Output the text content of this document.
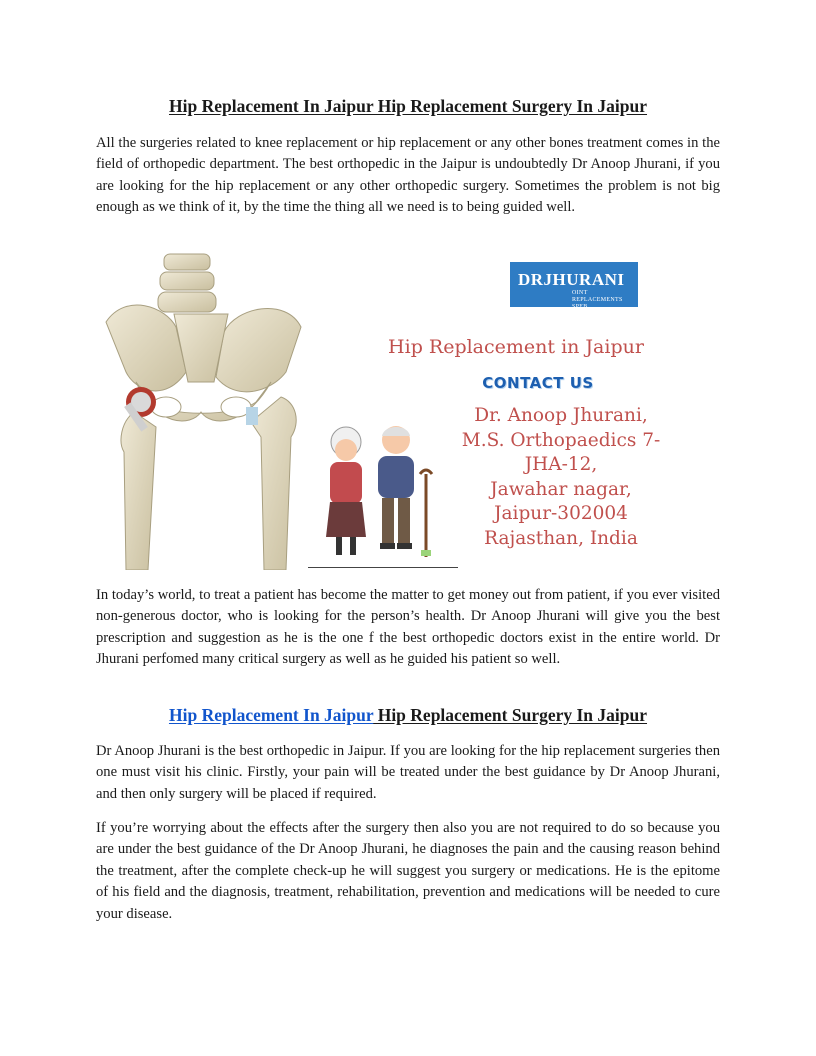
Hip Replacement In Jaipur Hip Replacement Surgery In Jaipur

All the surgeries related to knee replacement or hip replacement or any other bones treatment comes in the field of orthopedic department. The best orthopedic in the Jaipur is undoubtedly Dr Anoop Jhurani, if you are looking for the hip replacement or any other orthopedic surgery. Sometimes the problem is not big enough as we think of it, by the time the thing all we need is to being guided well.

DRJHURANI
OINT REPLACEMENTS
SPEB
Hip Replacement in Jaipur
CONTACT US
Dr. Anoop Jhurani,
M.S. Orthopaedics 7-
JHA-12,
Jawahar nagar,
Jaipur-302004
Rajasthan, India

In today’s world, to treat a patient has become the matter to get money out from patient, if you ever visited non-generous doctor, who is looking for the person’s health. Dr Anoop Jhurani will give you the best prescription and suggestion as he is the one f the best orthopedic doctors exist in the entire world. Dr Jhurani perfomed many critical surgery as well as he guided his patient so well.

Hip Replacement In Jaipur Hip Replacement Surgery In Jaipur

Dr Anoop Jhurani is the best orthopedic in Jaipur. If you are looking for the hip replacement surgeries then one must visit his clinic. Firstly, your pain will be treated under the best guidance by Dr Anoop Jhurani, and then only surgery will be placed if required.

If you’re worrying about the effects after the surgery then also you are not required to do so because you are under the best guidance of the Dr Anoop Jhurani, he diagnoses the pain and the causing reason behind the treatment, after the complete check-up he will suggest you surgery or medications. He is the epitome of his field and the diagnosis, treatment, rehabilitation, prevention and medications will be needed to cure your disease.
